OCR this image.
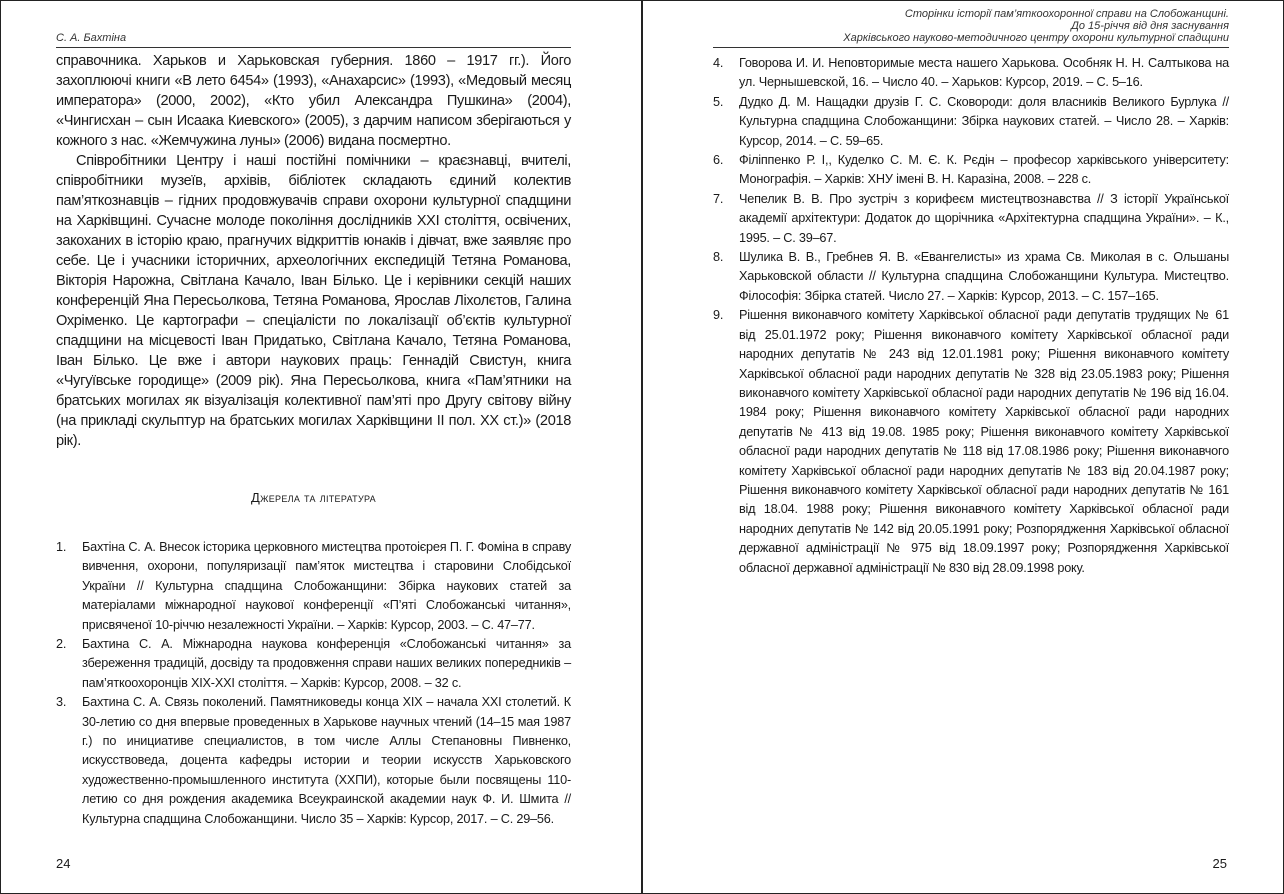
С. А. Бахтіна

справочника. Харьков и Харьковская губерния. 1860 – 1917 гг.). Його захоплюючі книги «В лето 6454» (1993), «Анахарсис» (1993), «Медовый месяц императора» (2000, 2002), «Кто убил Александра Пушкина» (2004), «Чингисхан – сын Исаака Киевского» (2005), з дарчим написом зберігаються у кожного з нас. «Жемчужина луны» (2006) видана посмертно.

Співробітники Центру і наші постійні помічники – краєзнавці, вчителі, співробітники музеїв, архівів, бібліотек складають єдиний колектив пам’яткознавців – гідних продовжувачів справи охорони культурної спадщини на Харківщині. Сучасне молоде покоління дослідників XXI століття, освічених, закоханих в історію краю, прагнучих відкриттів юнаків і дівчат, вже заявляє про себе. Це і учасники історичних, археологічних експедицій Тетяна Романова, Вікторія Нарожна, Світлана Качало, Іван Білько. Це і керівники секцій наших конференцій Яна Пересьолкова, Тетяна Романова, Ярослав Ліхолєтов, Галина Охріменко. Це картографи – спеціалісти по локалізації об’єктів культурної спадщини на місцевості Іван Придатько, Світлана Качало, Тетяна Романова, Іван Білько. Це вже і автори наукових праць: Геннадій Свистун, книга «Чугуївське городище» (2009 рік). Яна Пересьолкова, книга «Пам’ятники на братських могилах як візуалізація колективної пам’яті про Другу світову війну (на прикладі скульптур на братських могилах Харківщини II пол. XX ст.)» (2018 рік).

Джерела та література
1.	Бахтіна С. А. Внесок історика церковного мистецтва протоієрея П. Г. Фоміна в справу вивчення, охорони, популяризації пам’яток мистецтва і старовини Слобідської України // Культурна спадщина Слобожанщини: Збірка наукових статей за матеріалами міжнародної наукової конференції «П’яті Слобожанські читання», присвяченої 10-річчю незалежності України. – Харків: Курсор, 2003. – С. 47–77.
2.	Бахтина С. А. Міжнародна наукова конференція «Слобожанські читання» за збереження традицій, досвіду та продовження справи наших великих попередників – пам’яткоохоронців XIX-XXI століття. – Харків: Курсор, 2008. – 32 с.
3.	Бахтина С. А. Связь поколений. Памятниковеды конца XIX – начала XXI столетий. К 30-летию со дня впервые проведенных в Харькове научных чтений (14–15 мая 1987 г.) по инициативе специалистов, в том числе Аллы Степановны Пивненко, искусствоведа, доцента кафедры истории и теории искусств Харьковского художественно-промышленного института (ХХПИ), которые были посвящены 110-летию со дня рождения академика Всеукраинской академии наук Ф. И. Шмита // Культурна спадщина Слобожанщини. Число 35 – Харків: Курсор, 2017. – С. 29–56.
24
Сторінки історії пам’яткоохоронної справи на Слобожанщині.
До 15-річчя від дня заснування
Харківського науково-методичного центру охорони культурної спадщини
4.	Говорова И. И. Неповторимые места нашего Харькова. Особняк Н. Н. Салтыкова на ул. Чернышевской, 16. – Число 40. – Харьков: Курсор, 2019. – С. 5–16.
5.	Дудко Д. М. Нащадки друзів Г. С. Сковороди: доля власників Великого Бурлука // Культурна спадщина Слобожанщини: Збірка наукових статей. – Число 28. – Харків: Курсор, 2014. – С. 59–65.
6.	Філіппенко Р. І,, Куделко С. М. Є. К. Рєдін – професор харківського університету: Монографія. – Харків: ХНУ імені В. Н. Каразіна, 2008. – 228 с.
7.	Чепелик В. В. Про зустріч з корифеєм мистецтвознавства // З історії Української академії архітектури: Додаток до щорічника «Архітектурна спадщина України». – К., 1995. – С. 39–67.
8.	Шулика В. В., Гребнев Я. В. «Евангелисты» из храма Св. Миколая в с. Ольшаны Харьковской области // Культурна спадщина Слобожанщини Культура. Мистецтво. Філософія: Збірка статей. Число 27. – Харків: Курсор, 2013. – С. 157–165.
9.	Рішення виконавчого комітету Харківської обласної ради депутатів трудящих № 61 від 25.01.1972 року; Рішення виконавчого комітету Харківської обласної ради народних депутатів № 243 від 12.01.1981 року; Рішення виконавчого комітету Харківської обласної ради народних депутатів № 328 від 23.05.1983 року; Рішення виконавчого комітету Харківської обласної ради народних депутатів № 196 від 16.04. 1984 року; Рішення виконавчого комітету Харківської обласної ради народних депутатів № 413 від 19.08. 1985 року; Рішення виконавчого комітету Харківської обласної ради народних депутатів № 118 від 17.08.1986 року; Рішення виконавчого комітету Харківської обласної ради народних депутатів № 183 від 20.04.1987 року; Рішення виконавчого комітету Харківської обласної ради народних депутатів № 161 від 18.04. 1988 року; Рішення виконавчого комітету Харківської обласної ради народних депутатів № 142 від 20.05.1991 року; Розпорядження Харківської обласної державної адміністрації № 975 від 18.09.1997 року; Розпорядження Харківської обласної державної адміністрації № 830 від 28.09.1998 року.
25
